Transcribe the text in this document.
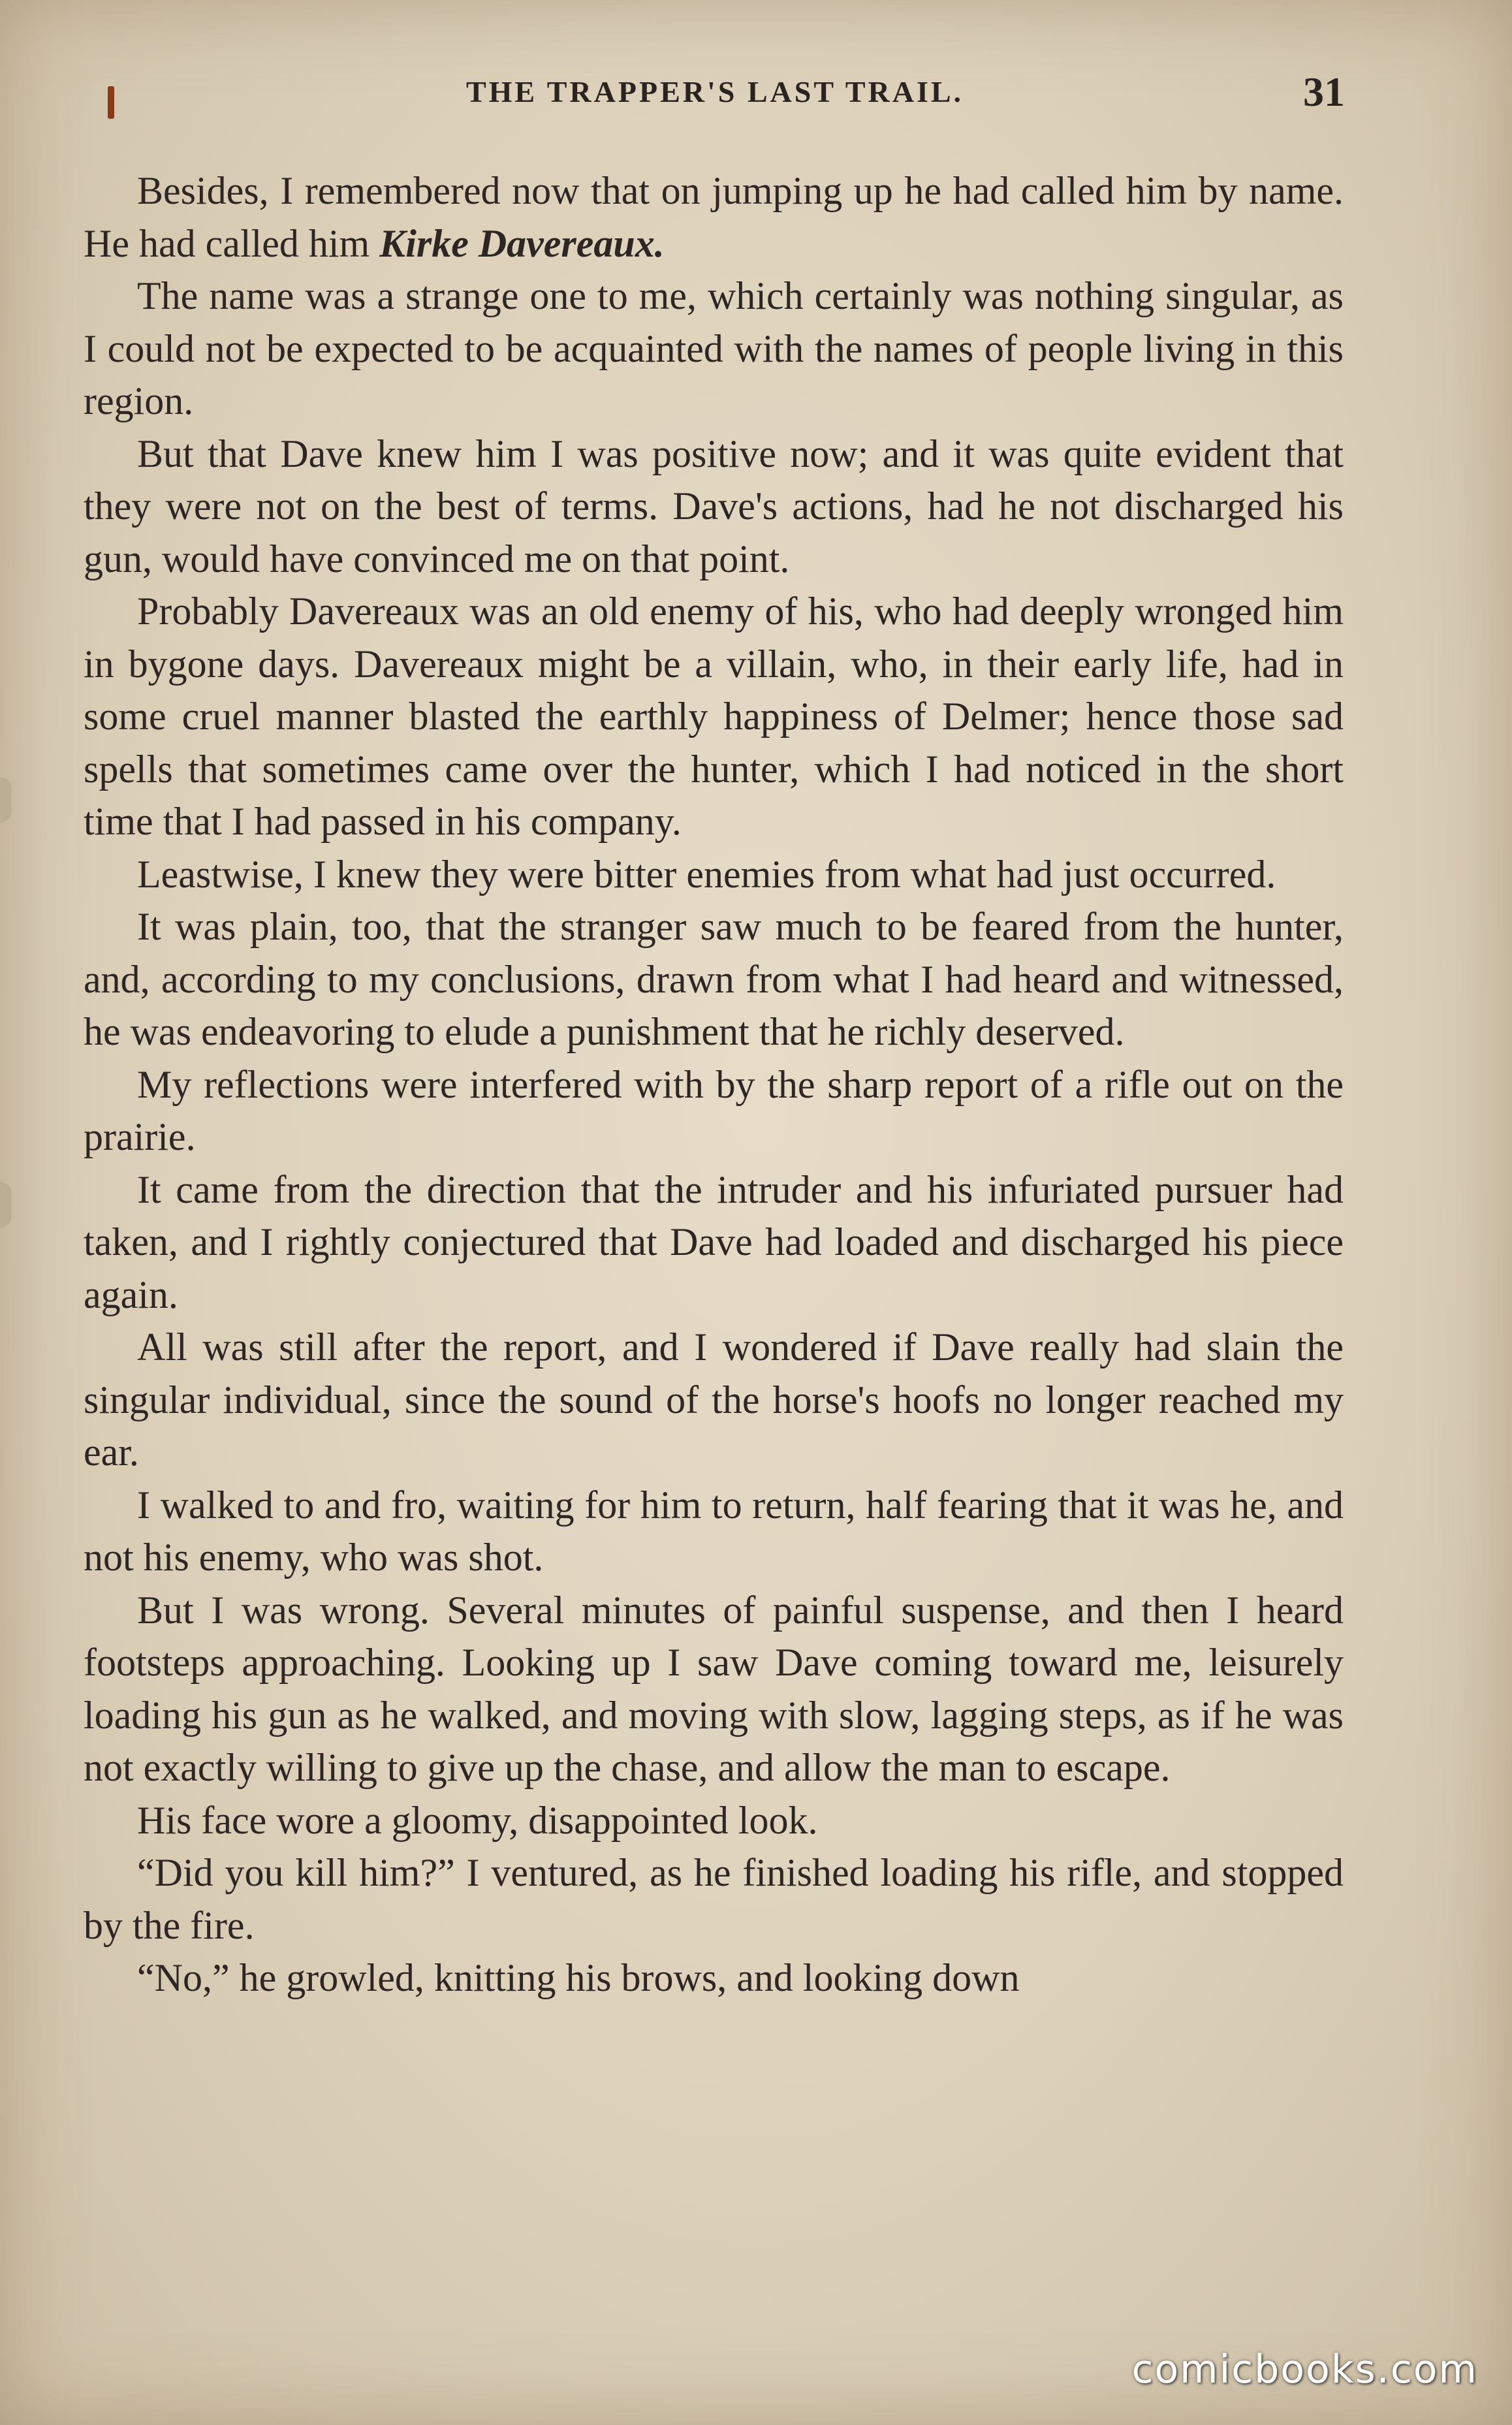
THE TRAPPER'S LAST TRAIL.	31

Besides, I remembered now that on jumping up he had called him by name. He had called him Kirke Davereaux.

The name was a strange one to me, which certainly was nothing singular, as I could not be expected to be acquainted with the names of people living in this region.

But that Dave knew him I was positive now; and it was quite evident that they were not on the best of terms. Dave's actions, had he not discharged his gun, would have convinced me on that point.

Probably Davereaux was an old enemy of his, who had deeply wronged him in bygone days. Davereaux might be a villain, who, in their early life, had in some cruel manner blasted the earthly happiness of Delmer; hence those sad spells that sometimes came over the hunter, which I had noticed in the short time that I had passed in his company.

Leastwise, I knew they were bitter enemies from what had just occurred.

It was plain, too, that the stranger saw much to be feared from the hunter, and, according to my conclusions, drawn from what I had heard and witnessed, he was endeavoring to elude a punishment that he richly deserved.

My reflections were interfered with by the sharp report of a rifle out on the prairie.

It came from the direction that the intruder and his infuriated pursuer had taken, and I rightly conjectured that Dave had loaded and discharged his piece again.

All was still after the report, and I wondered if Dave really had slain the singular individual, since the sound of the horse's hoofs no longer reached my ear.

I walked to and fro, waiting for him to return, half fearing that it was he, and not his enemy, who was shot.

But I was wrong. Several minutes of painful suspense, and then I heard footsteps approaching. Looking up I saw Dave coming toward me, leisurely loading his gun as he walked, and moving with slow, lagging steps, as if he was not exactly willing to give up the chase, and allow the man to escape.

His face wore a gloomy, disappointed look.

“Did you kill him?” I ventured, as he finished loading his rifle, and stopped by the fire.

“No,” he growled, knitting his brows, and looking down

comicbooks.com
